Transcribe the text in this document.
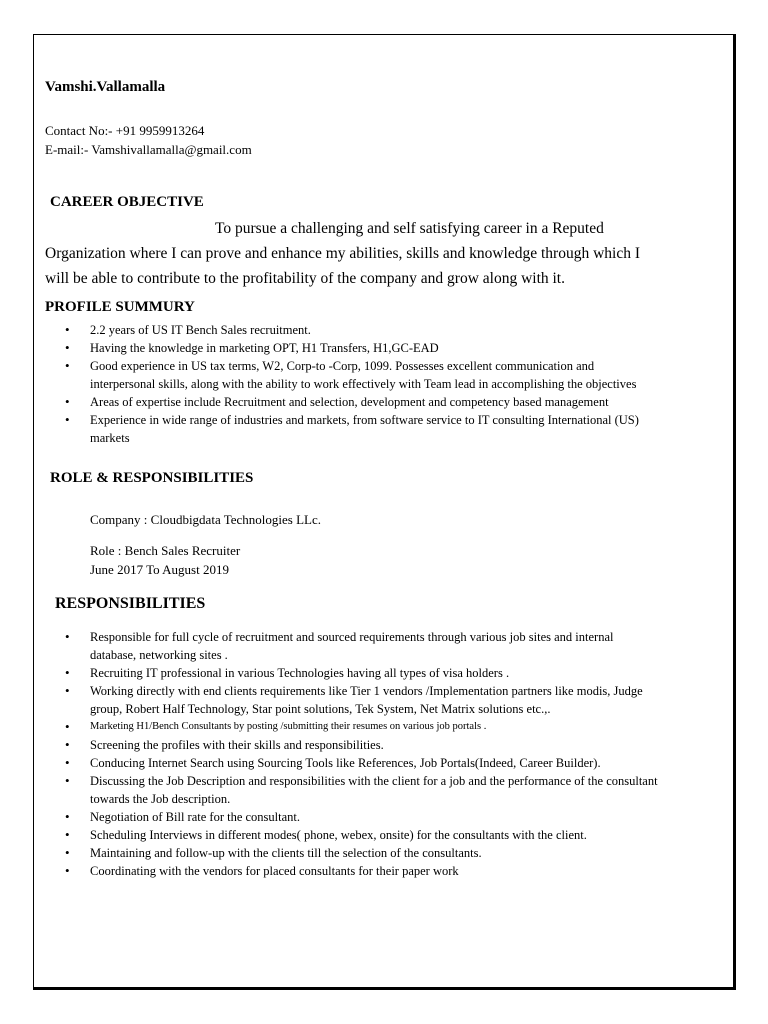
Vamshi.Vallamalla

Contact No:- +91 9959913264

E-mail:- Vamshivallamalla@gmail.com

CAREER OBJECTIVE

To pursue a challenging and self satisfying career in a Reputed
Organization where I can prove and enhance my abilities, skills and knowledge through which I
will be able to contribute to the profitability of the company and grow along with it.

PROFILE SUMMURY

• 2.2 years of US IT Bench Sales recruitment.
• Having the knowledge in marketing OPT, H1 Transfers, H1,GC-EAD
• Good experience in US tax terms, W2, Corp-to -Corp, 1099. Possesses excellent communication and
interpersonal skills, along with the ability to work effectively with Team lead in accomplishing the objectives
• Areas of expertise include Recruitment and selection, development and competency based management
• Experience in wide range of industries and markets, from software service to IT consulting International (US)
markets

ROLE & RESPONSIBILITIES

Company : Cloudbigdata Technologies LLc.

Role : Bench Sales Recruiter

June 2017 To August 2019

RESPONSIBILITIES

• Responsible for full cycle of recruitment and sourced requirements through various job sites and internal
database, networking sites .
• Recruiting IT professional in various Technologies having all types of visa holders .
• Working directly with end clients requirements like Tier 1 vendors /Implementation partners like modis, Judge
group, Robert Half Technology, Star point solutions, Tek System, Net Matrix solutions etc.,.
• Marketing H1/Bench Consultants by posting /submitting their resumes on various job portals .
• Screening the profiles with their skills and responsibilities.
• Conducing Internet Search using Sourcing Tools like References, Job Portals(Indeed, Career Builder).
• Discussing the Job Description and responsibilities with the client for a job and the performance of the consultant
towards the Job description.
• Negotiation of Bill rate for the consultant.
• Scheduling Interviews in different modes( phone, webex, onsite) for the consultants with the client.
• Maintaining and follow-up with the clients till the selection of the consultants.
• Coordinating with the vendors for placed consultants for their paper work
